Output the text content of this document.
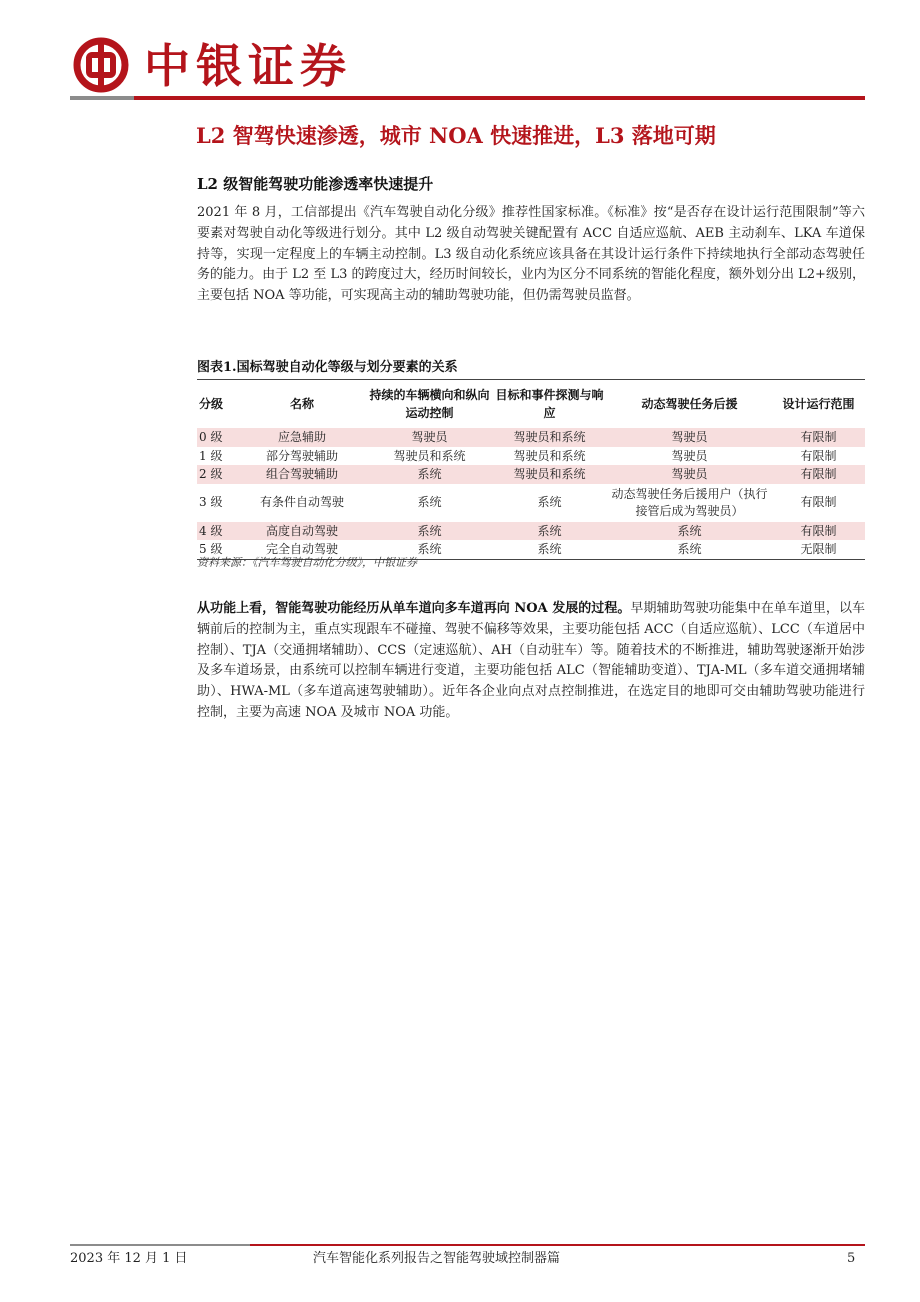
中银证券
L2 智驾快速渗透，城市 NOA 快速推进，L3 落地可期
L2 级智能驾驶功能渗透率快速提升
2021 年 8 月，工信部提出《汽车驾驶自动化分级》推荐性国家标准。《标准》按“是否存在设计运行范围限制”等六要素对驾驶自动化等级进行划分。其中 L2 级自动驾驶关键配置有 ACC 自适应巡航、AEB 主动刹车、LKA 车道保持等，实现一定程度上的车辆主动控制。L3 级自动化系统应该具备在其设计运行条件下持续地执行全部动态驾驶任务的能力。由于 L2 至 L3 的跨度过大，经历时间较长，业内为区分不同系统的智能化程度，额外划分出 L2+级别，主要包括 NOA 等功能，可实现高主动的辅助驾驶功能，但仍需驾驶员监督。
图表1.国标驾驶自动化等级与划分要素的关系
分级	名称	持续的车辆横向和纵向运动控制	目标和事件探测与响应	动态驾驶任务后援	设计运行范围
0 级	应急辅助	驾驶员	驾驶员和系统	驾驶员	有限制
1 级	部分驾驶辅助	驾驶员和系统	驾驶员和系统	驾驶员	有限制
2 级	组合驾驶辅助	系统	驾驶员和系统	驾驶员	有限制
3 级	有条件自动驾驶	系统	系统	动态驾驶任务后援用户（执行接管后成为驾驶员）	有限制
4 级	高度自动驾驶	系统	系统	系统	有限制
5 级	完全自动驾驶	系统	系统	系统	无限制
资料来源：《汽车驾驶自动化分级》，中银证券
从功能上看，智能驾驶功能经历从单车道向多车道再向 NOA 发展的过程。早期辅助驾驶功能集中在单车道里，以车辆前后的控制为主，重点实现跟车不碰撞、驾驶不偏移等效果，主要功能包括 ACC（自适应巡航）、LCC（车道居中控制）、TJA（交通拥堵辅助）、CCS（定速巡航）、AH（自动驻车）等。随着技术的不断推进，辅助驾驶逐渐开始涉及多车道场景，由系统可以控制车辆进行变道，主要功能包括 ALC（智能辅助变道）、TJA-ML（多车道交通拥堵辅助）、HWA-ML（多车道高速驾驶辅助）。近年各企业向点对点控制推进，在选定目的地即可交由辅助驾驶功能进行控制，主要为高速 NOA 及城市 NOA 功能。
2023 年 12 月 1 日	汽车智能化系列报告之智能驾驶域控制器篇	5
